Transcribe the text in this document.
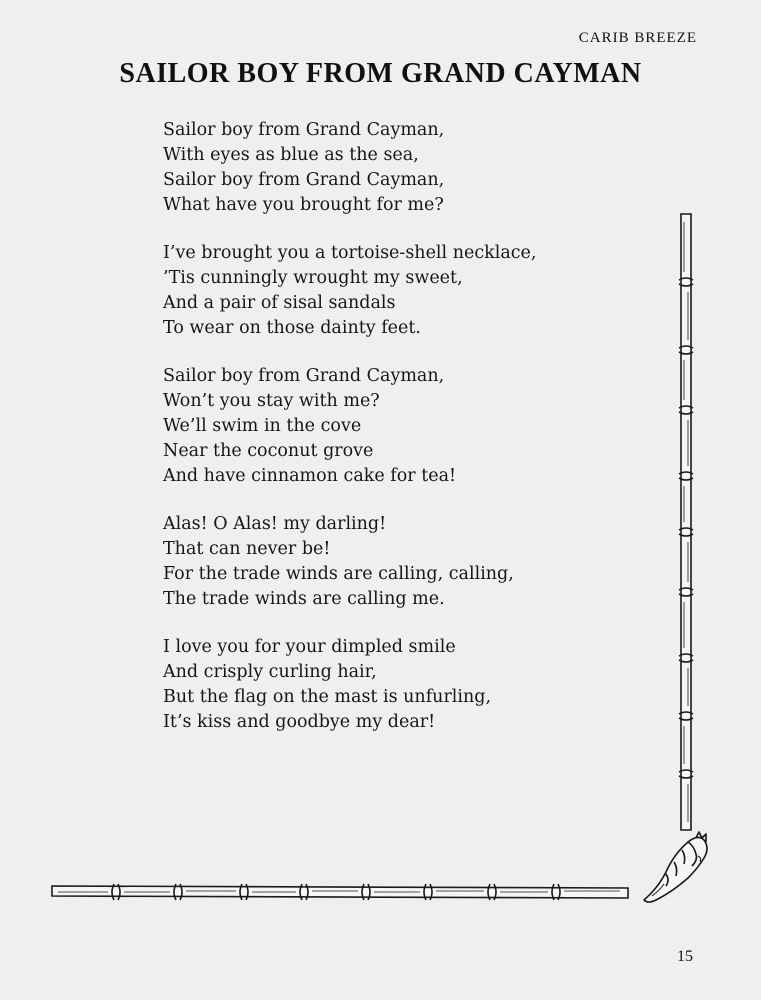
CARIB BREEZE
SAILOR BOY FROM GRAND CAYMAN
Sailor boy from Grand Cayman,
With eyes as blue as the sea,
Sailor boy from Grand Cayman,
What have you brought for me?
I’ve brought you a tortoise-shell necklace,
’Tis cunningly wrought my sweet,
And a pair of sisal sandals
To wear on those dainty feet.
Sailor boy from Grand Cayman,
Won’t you stay with me?
We’ll swim in the cove
Near the coconut grove
And have cinnamon cake for tea!
Alas! O Alas! my darling!
That can never be!
For the trade winds are calling, calling,
The trade winds are calling me.
I love you for your dimpled smile
And crisply curling hair,
But the flag on the mast is unfurling,
It’s kiss and goodbye my dear!
15
